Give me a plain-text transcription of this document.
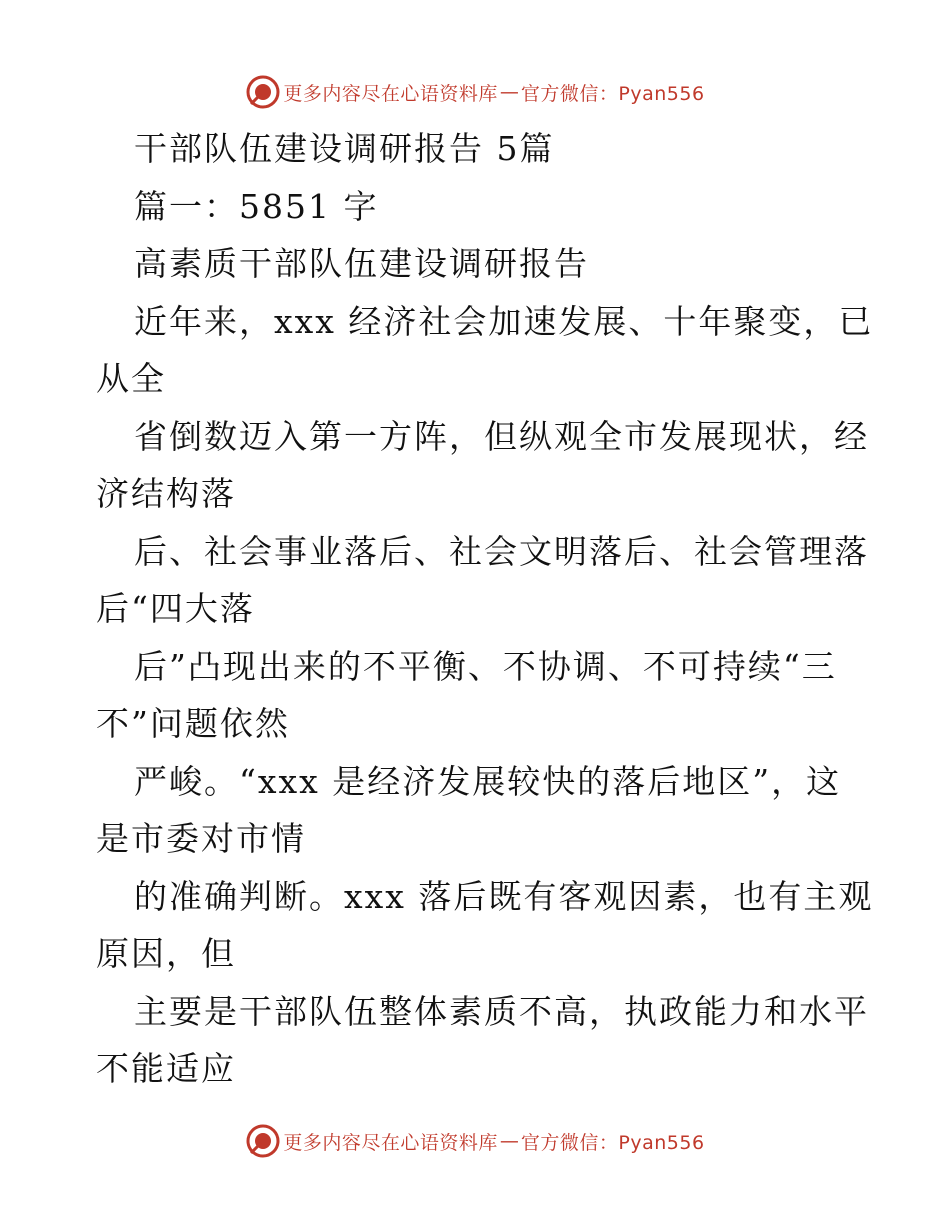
更多内容尽在心语资料库 — 官方微信：Pyan556
干部队伍建设调研报告 5篇
篇一：5851 字
高素质干部队伍建设调研报告
近年来，xxx 经济社会加速发展、十年聚变，已
从全
省倒数迈入第一方阵，但纵观全市发展现状，经
济结构落
后、社会事业落后、社会文明落后、社会管理落
后“四大落
后”凸现出来的不平衡、不协调、不可持续“三
不”问题依然
严峻。“xxx 是经济发展较快的落后地区”，这
是市委对市情
的准确判断。xxx 落后既有客观因素，也有主观
原因，但
主要是干部队伍整体素质不高，执政能力和水平
不能适应
更多内容尽在心语资料库 — 官方微信：Pyan556
